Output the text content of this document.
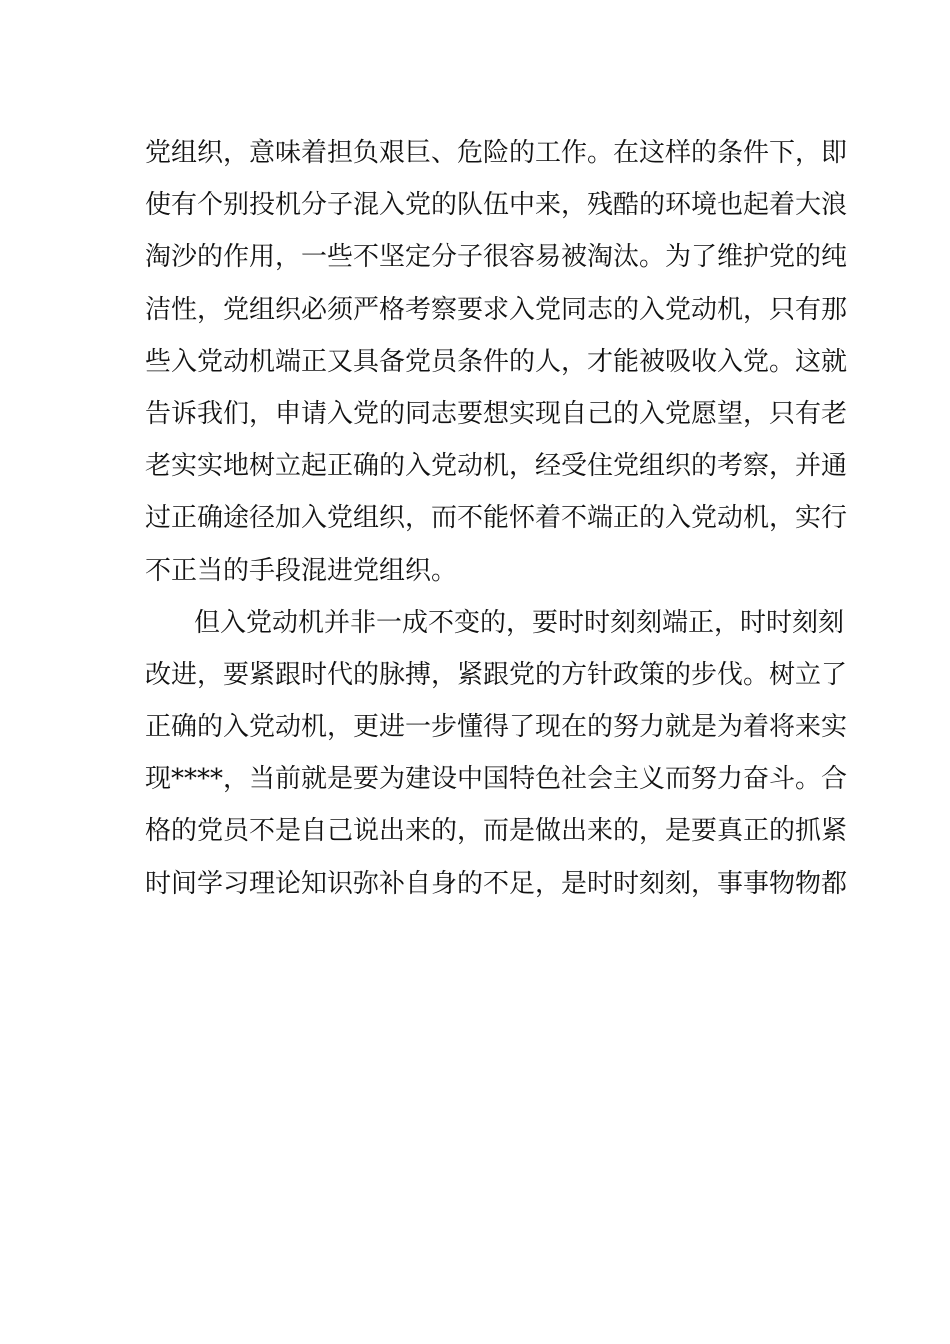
党组织，意味着担负艰巨、危险的工作。在这样的条件下，即
使有个别投机分子混入党的队伍中来，残酷的环境也起着大浪
淘沙的作用，一些不坚定分子很容易被淘汰。为了维护党的纯
洁性，党组织必须严格考察要求入党同志的入党动机，只有那
些入党动机端正又具备党员条件的人，才能被吸收入党。这就
告诉我们，申请入党的同志要想实现自己的入党愿望，只有老
老实实地树立起正确的入党动机，经受住党组织的考察，并通
过正确途径加入党组织，而不能怀着不端正的入党动机，实行
不正当的手段混进党组织。
但入党动机并非一成不变的，要时时刻刻端正，时时刻刻
改进，要紧跟时代的脉搏，紧跟党的方针政策的步伐。树立了
正确的入党动机，更进一步懂得了现在的努力就是为着将来实
现****，当前就是要为建设中国特色社会主义而努力奋斗。合
格的党员不是自己说出来的，而是做出来的，是要真正的抓紧
时间学习理论知识弥补自身的不足，是时时刻刻，事事物物都
